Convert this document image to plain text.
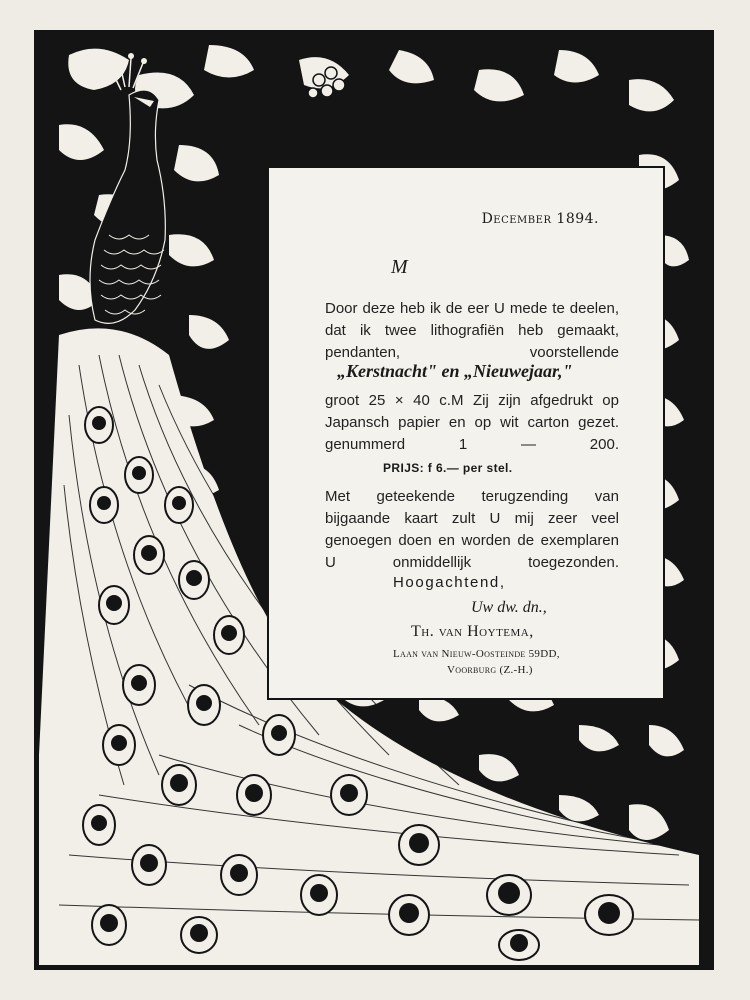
December 1894.
M
Door deze heb ik de eer U mede te deelen, dat ik twee lithografiën heb gemaakt, pendanten, voorstellende
„Kerstnacht" en „Nieuwejaar,"
groot 25 × 40 c.M Zij zijn afgedrukt op Japansch papier en op wit carton gezet. genummerd 1 — 200.
PRIJS: f 6.— per stel.
Met geteekende terugzending van bijgaande kaart zult U mij zeer veel genoegen doen en worden de exemplaren U onmiddellijk toegezonden.
Hoogachtend,
Uw dw. dn.,
Th. van Hoytema,
Laan van Nieuw-Oosteinde 59DD,
Voorburg (Z.-H.)
